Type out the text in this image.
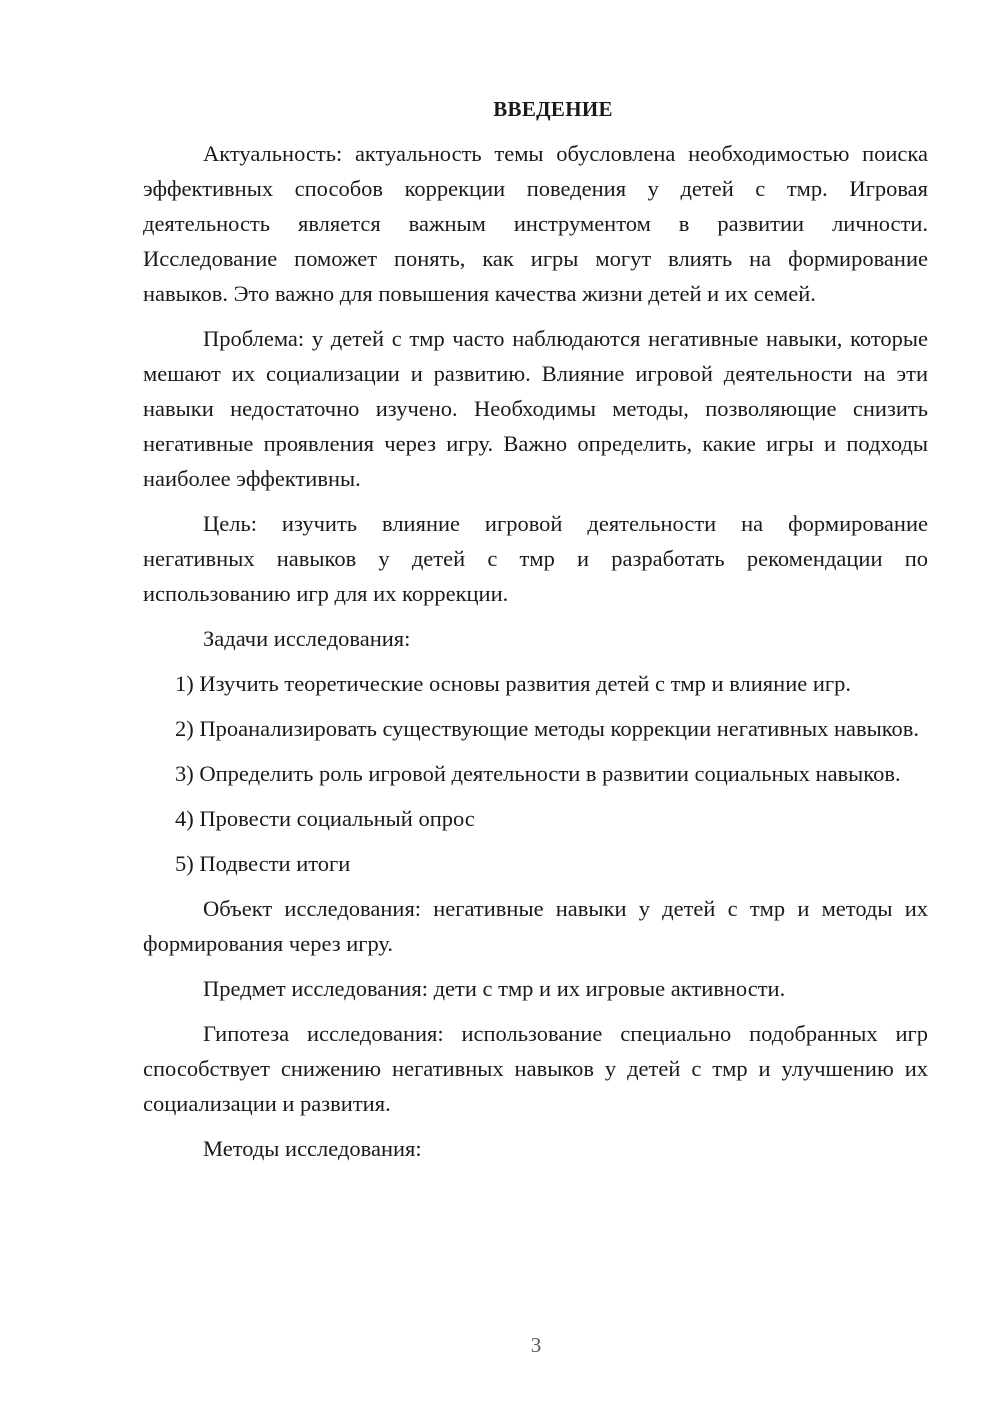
ВВЕДЕНИЕ

Актуальность: актуальность темы обусловлена необходимостью поиска эффективных способов коррекции поведения у детей с тмр. Игровая деятельность является важным инструментом в развитии личности. Исследование поможет понять, как игры могут влиять на формирование навыков. Это важно для повышения качества жизни детей и их семей.

Проблема: у детей с тмр часто наблюдаются негативные навыки, которые мешают их социализации и развитию. Влияние игровой деятельности на эти навыки недостаточно изучено. Необходимы методы, позволяющие снизить негативные проявления через игру. Важно определить, какие игры и подходы наиболее эффективны.

Цель: изучить влияние игровой деятельности на формирование негативных навыков у детей с тмр и разработать рекомендации по использованию игр для их коррекции.

Задачи исследования:

1) Изучить теоретические основы развития детей с тмр и влияние игр.

2) Проанализировать существующие методы коррекции негативных навыков.

3) Определить роль игровой деятельности в развитии социальных навыков.

4) Провести социальный опрос

5) Подвести итоги

Объект исследования: негативные навыки у детей с тмр и методы их формирования через игру.

Предмет исследования: дети с тмр и их игровые активности.

Гипотеза исследования: использование специально подобранных игр способствует снижению негативных навыков у детей с тмр и улучшению их социализации и развития.

Методы исследования:

3
